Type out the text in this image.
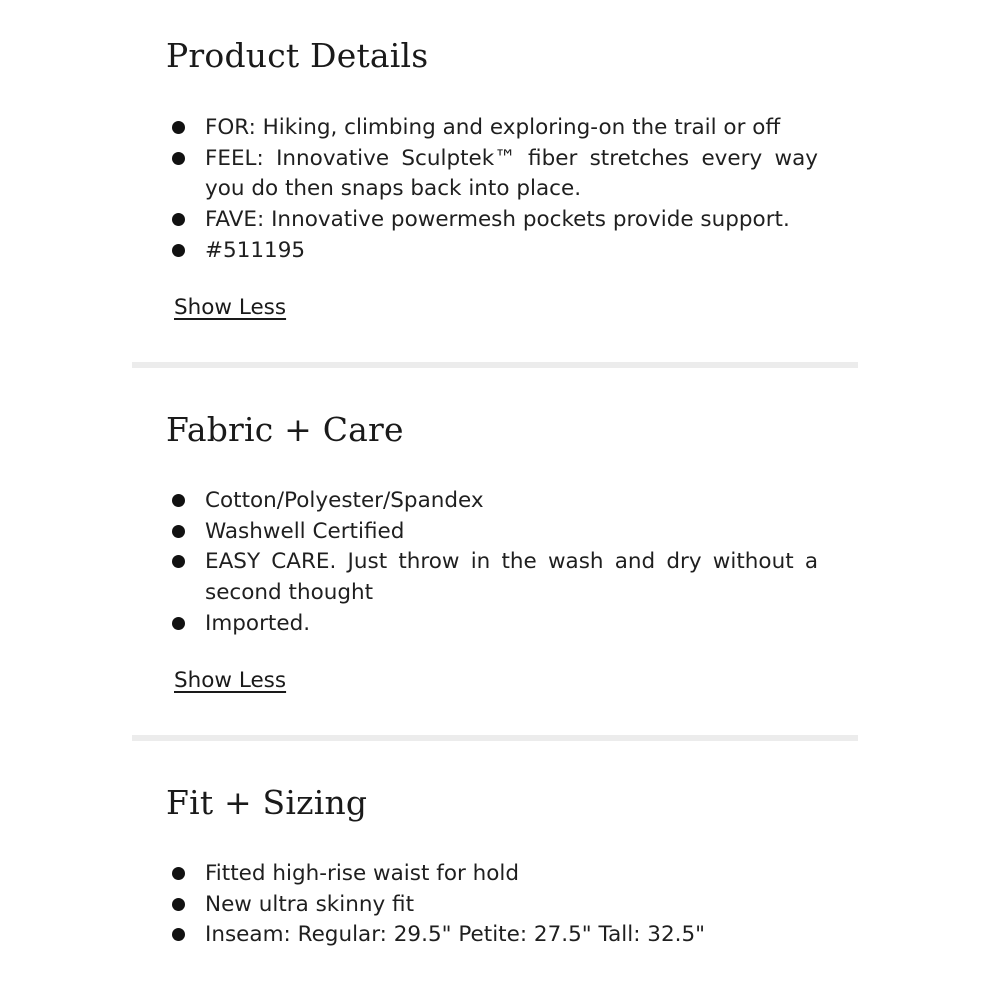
Product Details
FOR: Hiking, climbing and exploring-on the trail or off
FEEL: Innovative Sculptek™ fiber stretches every way you do then snaps back into place.
FAVE: Innovative powermesh pockets provide support.
#511195
Show Less
Fabric + Care
Cotton/Polyester/Spandex
Washwell Certified
EASY CARE. Just throw in the wash and dry without a second thought
Imported.
Show Less
Fit + Sizing
Fitted high-rise waist for hold
New ultra skinny fit
Inseam: Regular: 29.5" Petite: 27.5" Tall: 32.5"
